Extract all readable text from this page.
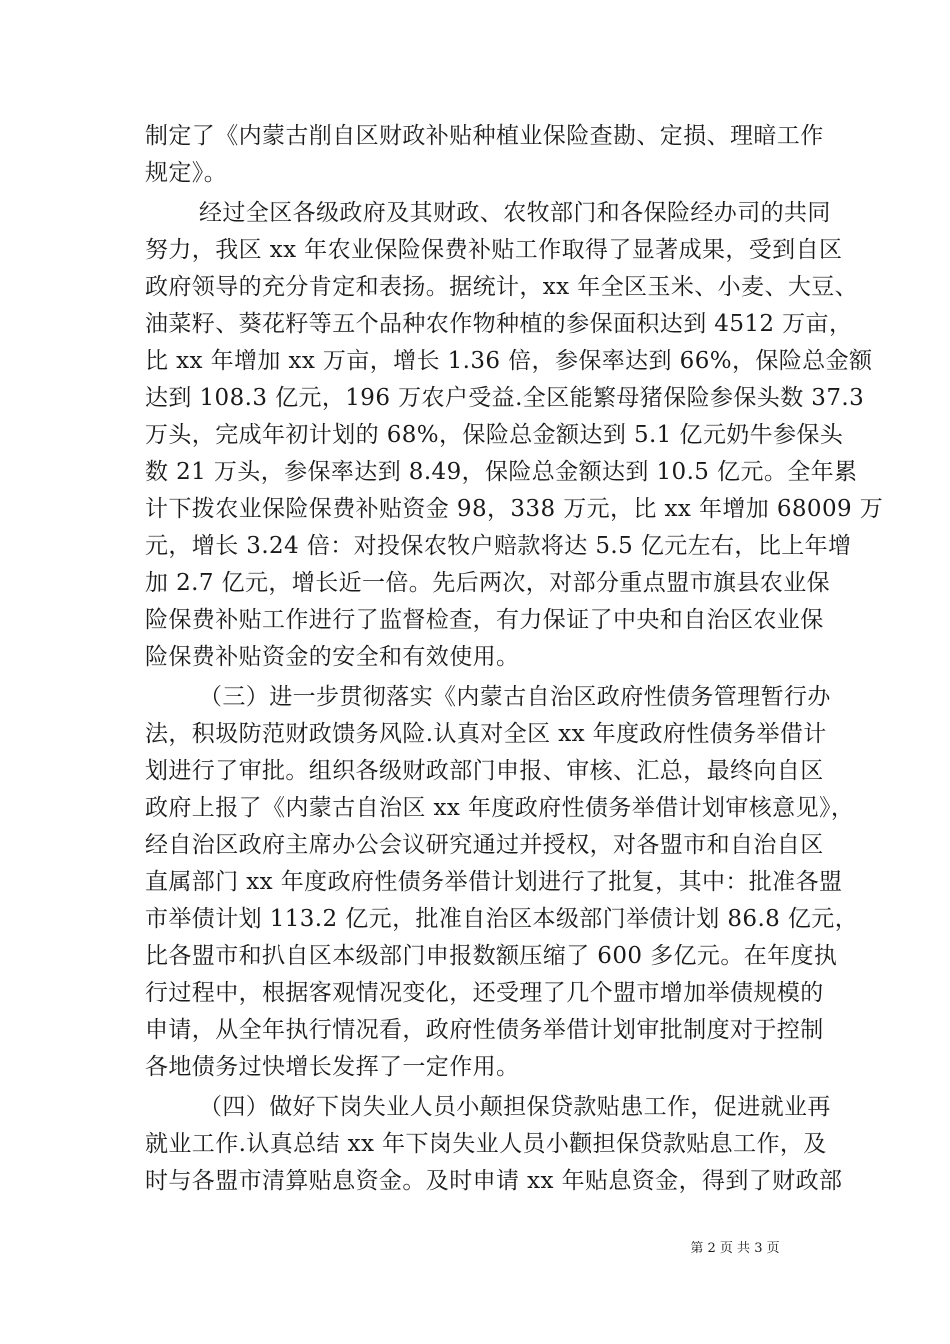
制定了《内蒙古削自区财政补贴种植业保险查勘、定损、理暗工作
规定》。
经过全区各级政府及其财政、农牧部门和各保险经办司的共同
努力，我区 xx 年农业保险保费补贴工作取得了显著成果，受到自区
政府领导的充分肯定和表扬。据统计，xx 年全区玉米、小麦、大豆、
油菜籽、葵花籽等五个品种农作物种植的参保面积达到 4512 万亩，
比 xx 年增加 xx 万亩，增长 1.36 倍，参保率达到 66%，保险总金额
达到 108.3 亿元，196 万农户受益.全区能繁母猪保险参保头数 37.3
万头，完成年初计划的 68%，保险总金额达到 5.1 亿元奶牛参保头
数 21 万头，参保率达到 8.49，保险总金额达到 10.5 亿元。全年累
计下拨农业保险保费补贴资金 98，338 万元，比 xx 年增加 68009 万
元，增长 3.24 倍：对投保农牧户赔款将达 5.5 亿元左右，比上年增
加 2.7 亿元，增长近一倍。先后两次，对部分重点盟市旗县农业保
险保费补贴工作进行了监督检查，有力保证了中央和自治区农业保
险保费补贴资金的安全和有效使用。
（三）进一步贯彻落实《内蒙古自治区政府性债务管理暂行办
法，积圾防范财政馈务风险.认真对全区 xx 年度政府性债务举借计
划进行了审批。组织各级财政部门申报、审核、汇总，最终向自区
政府上报了《内蒙古自治区 xx 年度政府性债务举借计划审核意见》，
经自治区政府主席办公会议研究通过并授权，对各盟市和自治自区
直属部门 xx 年度政府性债务举借计划进行了批复，其中：批准各盟
市举债计划 113.2 亿元，批准自治区本级部门举债计划 86.8 亿元，
比各盟市和扒自区本级部门申报数额压缩了 600 多亿元。在年度执
行过程中，根据客观情况变化，还受理了几个盟市增加举债规模的
申请，从全年执行情况看，政府性债务举借计划审批制度对于控制
各地债务过快增长发挥了一定作用。
（四）做好下岗失业人员小颠担保贷款贴患工作，促进就业再
就业工作.认真总结 xx 年下岗失业人员小颧担保贷款贴息工作，及
时与各盟市清算贴息资金。及时申请 xx 年贴息资金，得到了财政部
第 2 页 共 3 页
